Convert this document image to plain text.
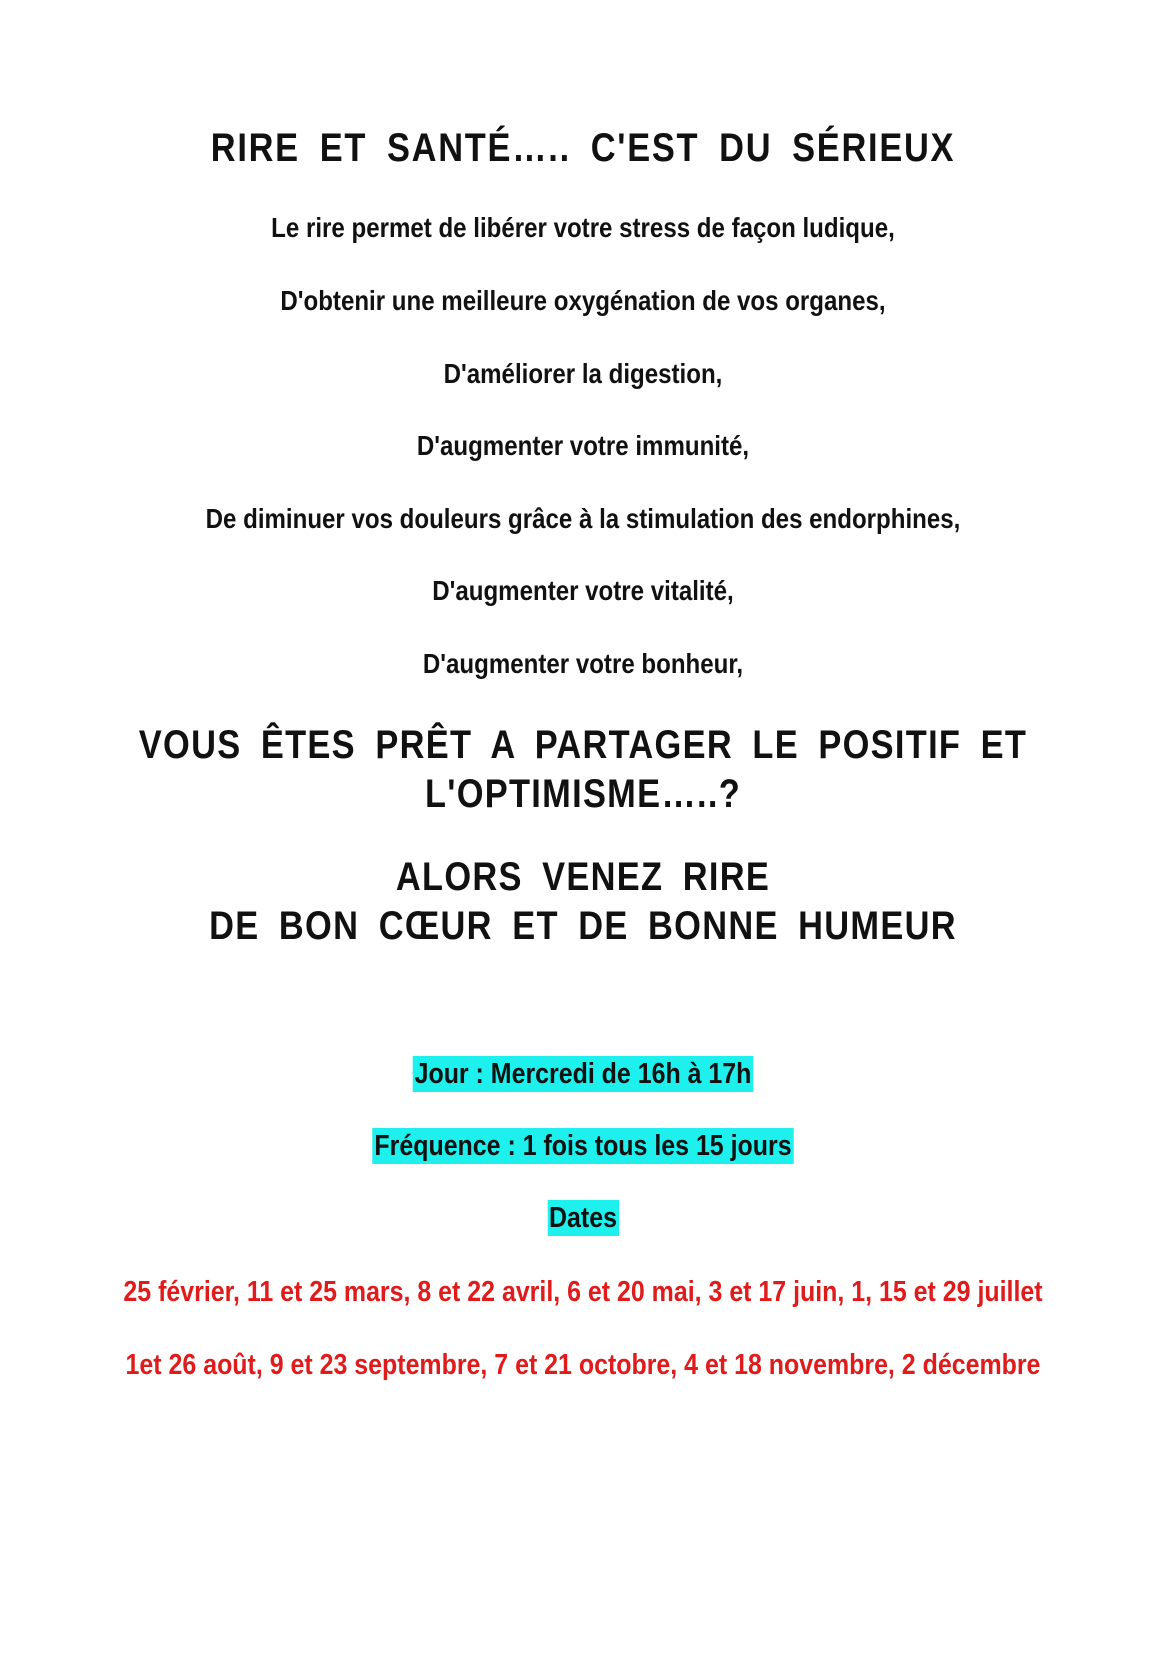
RIRE ET SANTÉ….. C'EST DU SÉRIEUX
Le rire permet de libérer votre stress de façon ludique,
D'obtenir une meilleure oxygénation de vos organes,
D'améliorer la digestion,
D'augmenter votre immunité,
De diminuer vos douleurs grâce à la stimulation des endorphines,
D'augmenter votre vitalité,
D'augmenter votre bonheur,
VOUS ÊTES PRÊT A PARTAGER LE POSITIF ET
L'OPTIMISME…..?
ALORS VENEZ RIRE
DE BON CŒUR ET DE BONNE HUMEUR
Jour : Mercredi de 16h à 17h
Fréquence : 1 fois tous les 15 jours
Dates
25 février, 11 et 25 mars, 8 et 22 avril, 6 et 20 mai, 3 et 17 juin, 1, 15 et 29 juillet
1et 26 août, 9 et 23 septembre, 7 et 21 octobre, 4 et 18 novembre, 2 décembre
